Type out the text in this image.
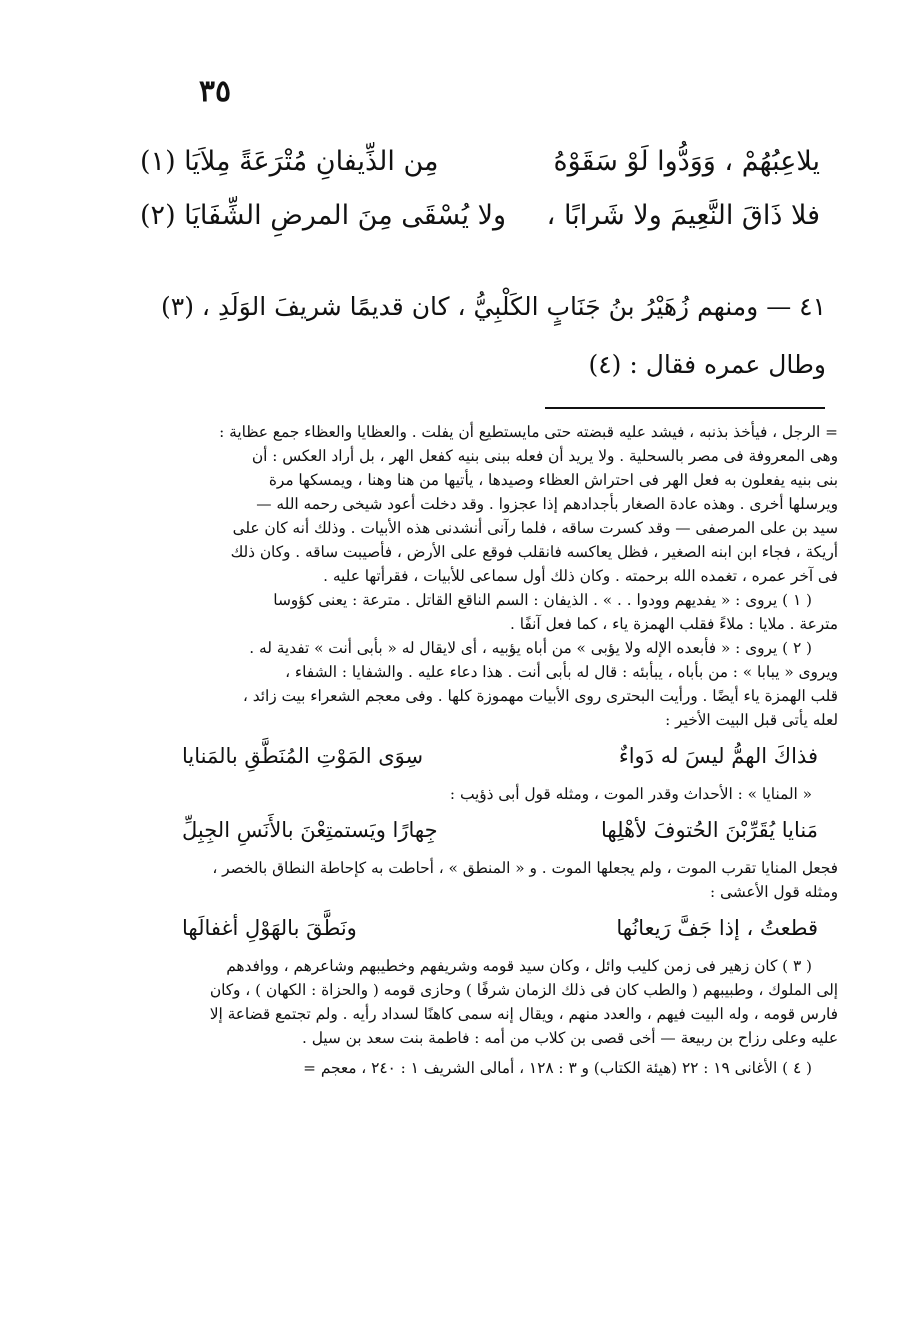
٣٥
يلاعِبُهُمْ ، وَوَدُّوا لَوْ سَقَوْهُ
مِن الذِّيفانِ مُتْرَعَةً مِلاَيَا (١)
فلا ذَاقَ النَّعِيمَ ولا شَرابًا ،
ولا يُسْقَى مِنَ المرضِ الشِّفَايَا (٢)
٤١ — ومنهم زُهَيْرُ بنُ جَنَابٍ الكَلْبِيُّ ، كان قديمًا شريفَ الوَلَدِ ، (٣)
وطال عمره فقال : (٤)

= الرجل ، فيأخذ بذنبه ، فيشد عليه قبضته حتى مايستطيع أن يفلت . والعظايا والعظاء جمع عظاية :

وهى المعروفة فى مصر بالسحلية . ولا يريد أن فعله ببنى بنيه كفعل الهر ، بل أراد العكس : أن

بنى بنيه يفعلون به فعل الهر فى احتراش العظاء وصيدها ، يأتيها من هنا وهنا ، ويمسكها مرة

ويرسلها أخرى . وهذه عادة الصغار بأجدادهم إذا عجزوا . وقد دخلت أعود شيخى رحمه الله —

سيد بن على المرصفى — وقد كسرت ساقه ، فلما رآنى أنشدنى هذه الأبيات . وذلك أنه كان على

أريكة ، فجاء ابن ابنه الصغير ، فظل يعاكسه فانقلب فوقع على الأرض ، فأصيبت ساقه . وكان ذلك

فى آخر عمره ، تغمده الله برحمته . وكان ذلك أول سماعى للأبيات ، فقرأتها عليه .

( ١ ) يروى : « يفديهم وودوا . . » . الذيفان : السم الناقع القاتل . مترعة : يعنى كؤوسا

مترعة . ملايا : ملاءً فقلب الهمزة ياء ، كما فعل آنفًا .

( ٢ ) يروى : « فأبعده الإله ولا يؤبى » من أباه يؤبيه ، أى لايقال له « بأبى أنت » تفدية له .

ويروى « يبابا » : من بأباه ، يبأبئه : قال له بأبى أنت . هذا دعاء عليه . والشفايا : الشفاء ،

قلب الهمزة ياء أيضًا . ورأيت البحترى روى الأبيات مهموزة كلها . وفى معجم الشعراء بيت زائد ،

لعله يأتى قبل البيت الأخير :

فذاكَ الهمُّ ليسَ له دَواءٌ
سِوَى المَوْتِ المُنَطَّقِ بالمَنايا

« المنايا » : الأحداث وقدر الموت ، ومثله قول أبى ذؤيب :

مَنايا يُقَرِّبْنَ الحُتوفَ لأهْلِها
جِهارًا ويَستمتِعْنَ بالأَنَسِ الجِبِلِّ

فجعل المنايا تقرب الموت ، ولم يجعلها الموت . و « المنطق » ، أحاطت به كإحاطة النطاق بالخصر ،

ومثله قول الأعشى :

قطعتُ ، إذا جَفَّ رَيعانُها
ونَطَّقَ بالهَوْلِ أغفالَها

( ٣ ) كان زهير فى زمن كليب وائل ، وكان سيد قومه وشريفهم وخطيبهم وشاعرهم ، ووافدهم

إلى الملوك ، وطبيبهم ( والطب كان فى ذلك الزمان شرفًا ) وحازى قومه ( والحزاة : الكهان ) ، وكان

فارس قومه ، وله البيت فيهم ، والعدد منهم ، ويقال إنه سمى كاهنًا لسداد رأيه . ولم تجتمع قضاعة إلا

عليه وعلى رزاح بن ربيعة — أخى قصى بن كلاب من أمه : فاطمة بنت سعد بن سيل .

( ٤ ) الأغانى ١٩ : ٢٢ (هيئة الكتاب) و ٣ : ١٢٨ ، أمالى الشريف ١ : ٢٤٠ ، معجم =
